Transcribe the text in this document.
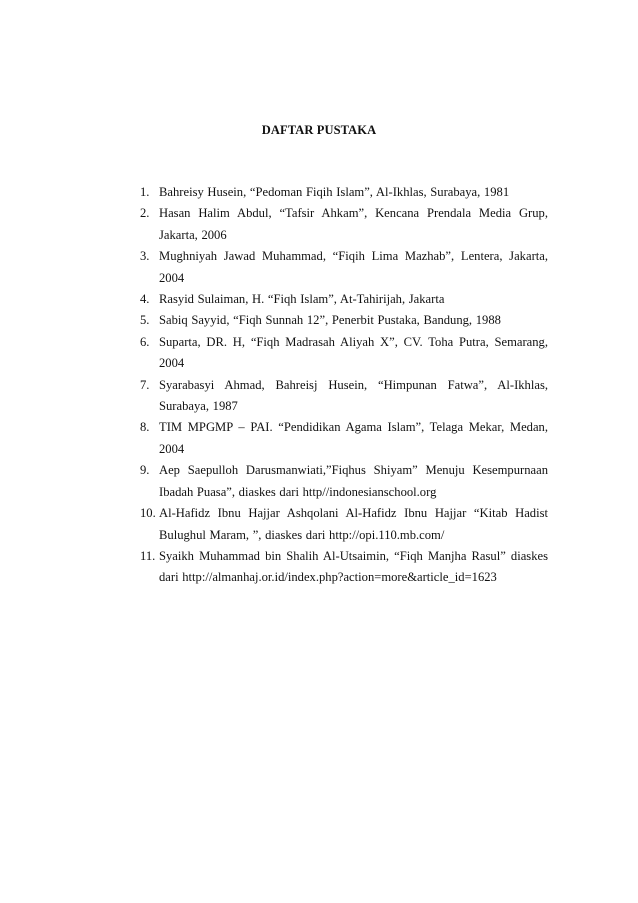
DAFTAR PUSTAKA
1. Bahreisy Husein, “Pedoman Fiqih Islam”, Al-Ikhlas, Surabaya, 1981
2. Hasan Halim Abdul, “Tafsir Ahkam”, Kencana Prendala Media Grup, Jakarta, 2006
3. Mughniyah Jawad Muhammad, “Fiqih Lima Mazhab”, Lentera, Jakarta, 2004
4. Rasyid Sulaiman, H. “Fiqh Islam”, At-Tahirijah, Jakarta
5. Sabiq Sayyid, “Fiqh Sunnah 12”, Penerbit Pustaka, Bandung, 1988
6. Suparta, DR. H, “Fiqh Madrasah Aliyah X”, CV. Toha Putra, Semarang, 2004
7. Syarabasyi Ahmad, Bahreisj Husein, “Himpunan Fatwa”, Al-Ikhlas, Surabaya, 1987
8. TIM MPGMP – PAI. “Pendidikan Agama Islam”, Telaga Mekar, Medan, 2004
9. Aep Saepulloh Darusmanwiati,”Fiqhus Shiyam” Menuju Kesempurnaan Ibadah Puasa”, diaskes dari http//indonesianschool.org
10. Al-Hafidz Ibnu Hajjar Ashqolani Al-Hafidz Ibnu Hajjar “Kitab Hadist Bulughul Maram, ”, diaskes dari http://opi.110.mb.com/
11. Syaikh Muhammad bin Shalih Al-Utsaimin, “Fiqh Manjha Rasul” diaskes dari http://almanhaj.or.id/index.php?action=more&article_id=1623
